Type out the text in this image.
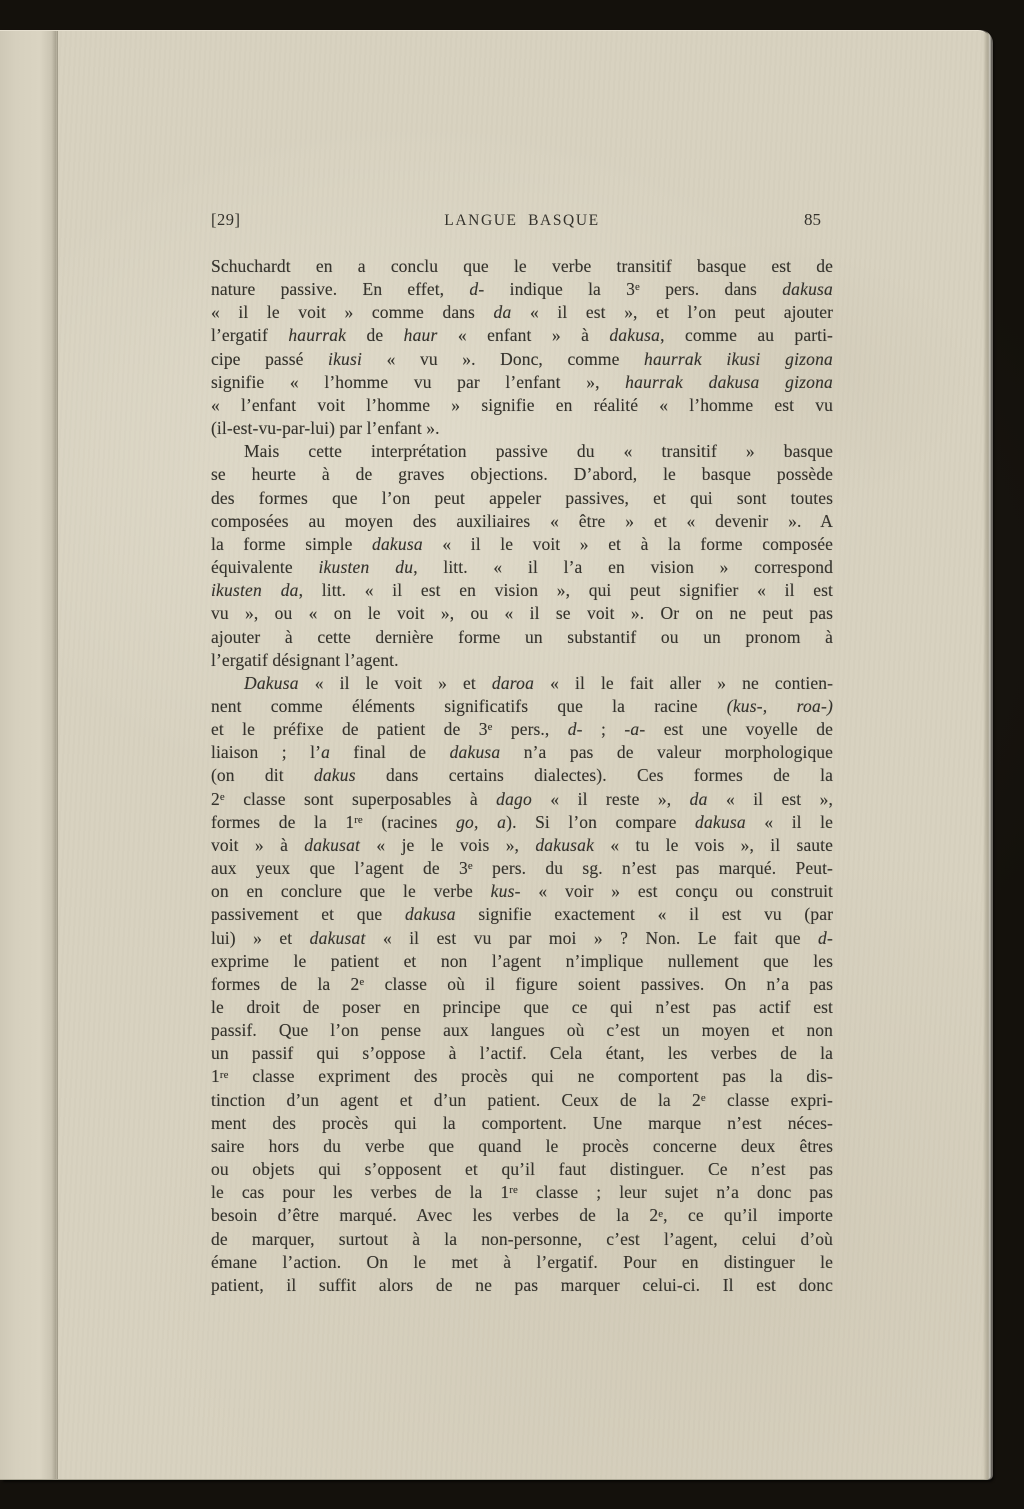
[29]	LANGUE BASQUE	85
Schuchardt en a conclu que le verbe transitif basque est de
nature passive. En effet, d- indique la 3e pers. dans dakusa
« il le voit » comme dans da « il est », et l’on peut ajouter
l’ergatif haurrak de haur « enfant » à dakusa, comme au parti-
cipe passé ikusi « vu ». Donc, comme haurrak ikusi gizona
signifie « l’homme vu par l’enfant », haurrak dakusa gizona
« l’enfant voit l’homme » signifie en réalité « l’homme est vu
(il-est-vu-par-lui) par l’enfant ».
Mais cette interprétation passive du « transitif » basque
se heurte à de graves objections. D’abord, le basque possède
des formes que l’on peut appeler passives, et qui sont toutes
composées au moyen des auxiliaires « être » et « devenir ». A
la forme simple dakusa « il le voit » et à la forme composée
équivalente ikusten du, litt. « il l’a en vision » correspond
ikusten da, litt. « il est en vision », qui peut signifier « il est
vu », ou « on le voit », ou « il se voit ». Or on ne peut pas
ajouter à cette dernière forme un substantif ou un pronom à
l’ergatif désignant l’agent.
Dakusa « il le voit » et daroa « il le fait aller » ne contien-
nent comme éléments significatifs que la racine (kus-, roa-)
et le préfixe de patient de 3e pers., d- ; -a- est une voyelle de
liaison ; l’a final de dakusa n’a pas de valeur morphologique
(on dit dakus dans certains dialectes). Ces formes de la
2e classe sont superposables à dago « il reste », da « il est »,
formes de la 1re (racines go, a). Si l’on compare dakusa « il le
voit » à dakusat « je le vois », dakusak « tu le vois », il saute
aux yeux que l’agent de 3e pers. du sg. n’est pas marqué. Peut-
on en conclure que le verbe kus- « voir » est conçu ou construit
passivement et que dakusa signifie exactement « il est vu (par
lui) » et dakusat « il est vu par moi » ? Non. Le fait que d-
exprime le patient et non l’agent n’implique nullement que les
formes de la 2e classe où il figure soient passives. On n’a pas
le droit de poser en principe que ce qui n’est pas actif est
passif. Que l’on pense aux langues où c’est un moyen et non
un passif qui s’oppose à l’actif. Cela étant, les verbes de la
1re classe expriment des procès qui ne comportent pas la dis-
tinction d’un agent et d’un patient. Ceux de la 2e classe expri-
ment des procès qui la comportent. Une marque n’est néces-
saire hors du verbe que quand le procès concerne deux êtres
ou objets qui s’opposent et qu’il faut distinguer. Ce n’est pas
le cas pour les verbes de la 1re classe ; leur sujet n’a donc pas
besoin d’être marqué. Avec les verbes de la 2e, ce qu’il importe
de marquer, surtout à la non-personne, c’est l’agent, celui d’où
émane l’action. On le met à l’ergatif. Pour en distinguer le
patient, il suffit alors de ne pas marquer celui-ci. Il est donc
